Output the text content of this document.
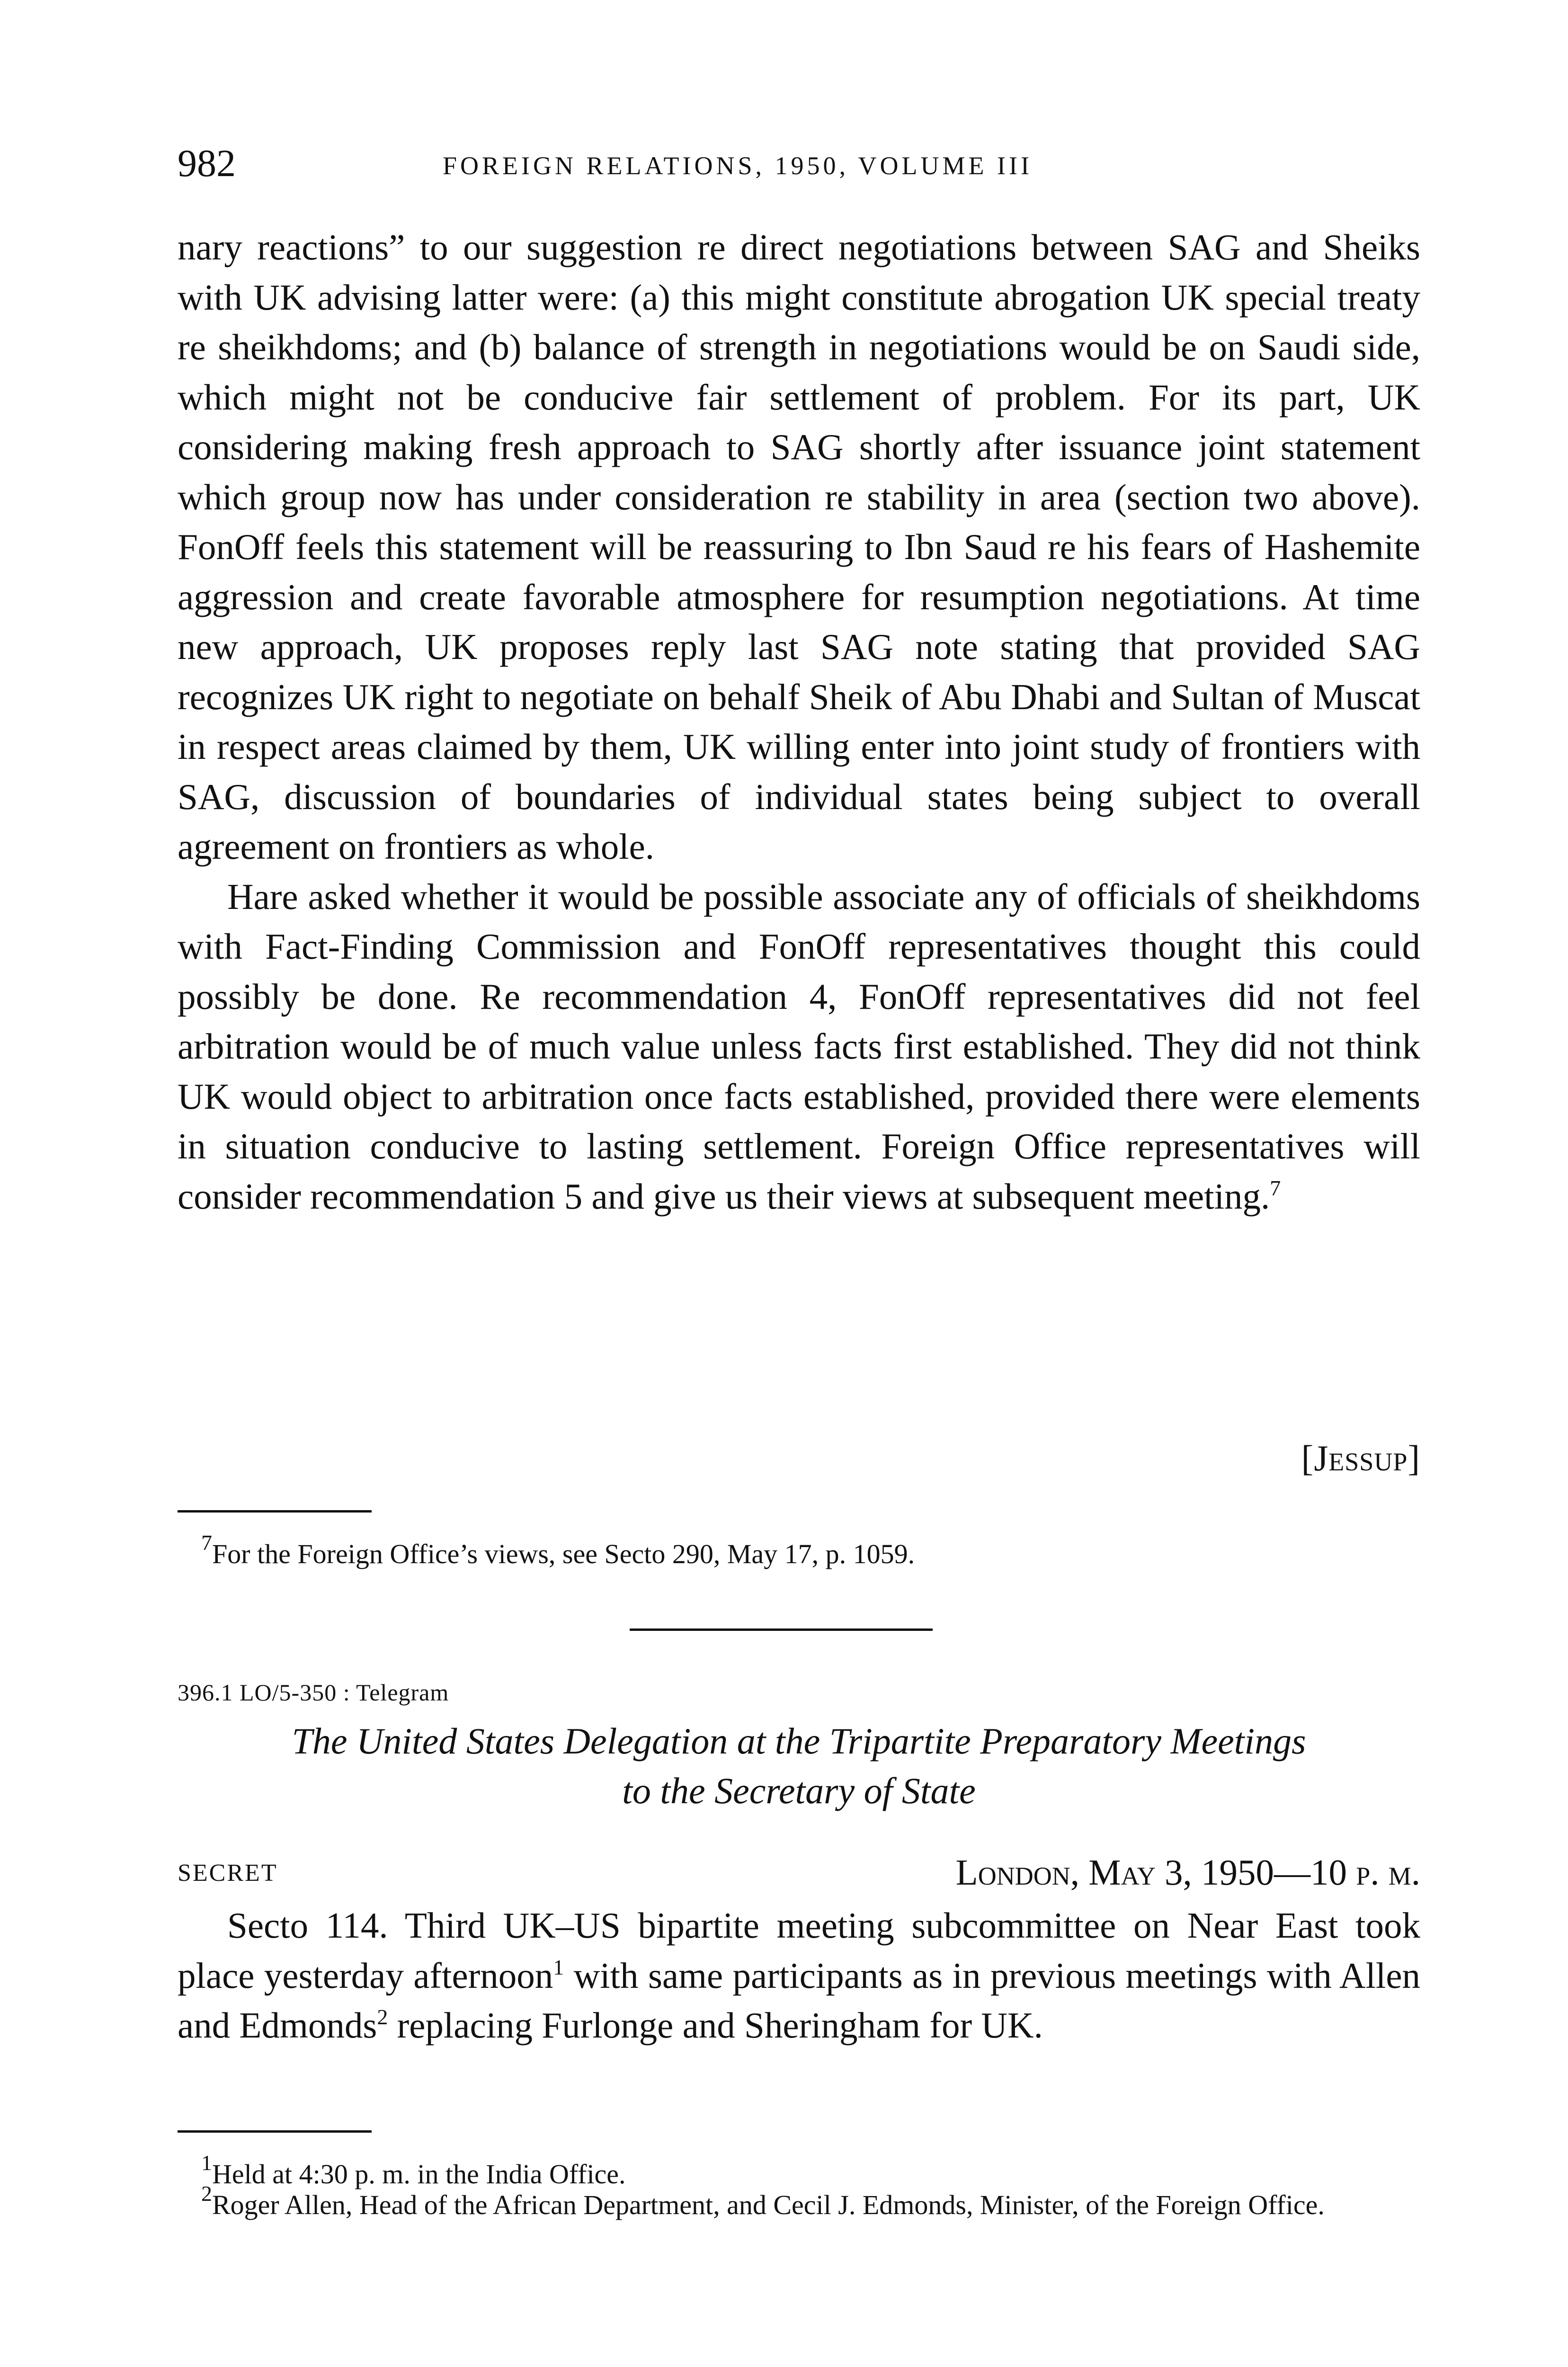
982	FOREIGN RELATIONS, 1950, VOLUME III

nary reactions” to our suggestion re direct negotiations between SAG and Sheiks with UK advising latter were: (a) this might constitute abrogation UK special treaty re sheikhdoms; and (b) balance of strength in negotiations would be on Saudi side, which might not be conducive fair settlement of problem. For its part, UK considering making fresh approach to SAG shortly after issuance joint statement which group now has under consideration re stability in area (section two above). FonOff feels this statement will be reassuring to Ibn Saud re his fears of Hashemite aggression and create favorable atmosphere for resumption negotiations. At time new approach, UK proposes reply last SAG note stating that provided SAG recognizes UK right to negotiate on behalf Sheik of Abu Dhabi and Sultan of Muscat in respect areas claimed by them, UK willing enter into joint study of frontiers with SAG, discussion of boundaries of individual states being subject to overall agreement on frontiers as whole.

Hare asked whether it would be possible associate any of officials of sheikhdoms with Fact-Finding Commission and FonOff representatives thought this could possibly be done. Re recommendation 4, FonOff representatives did not feel arbitration would be of much value unless facts first established. They did not think UK would object to arbitration once facts established, provided there were elements in situation conducive to lasting settlement. Foreign Office representatives will consider recommendation 5 and give us their views at subsequent meeting.$^7$

[Jessup]
$^7$For the Foreign Office’s views, see Secto 290, May 17, p. 1059.
396.1 LO/5-350 : Telegram
The United States Delegation at the Tripartite Preparatory Meetings
to the Secretary of State
SECRET	London, May 3, 1950—10 p. m.

Secto 114. Third UK–US bipartite meeting subcommittee on Near East took place yesterday afternoon$^1$ with same participants as in previous meetings with Allen and Edmonds$^2$ replacing Furlonge and Sheringham for UK.

$^1$Held at 4:30 p. m. in the India Office.
$^2$Roger Allen, Head of the African Department, and Cecil J. Edmonds, Minister, of the Foreign Office.
